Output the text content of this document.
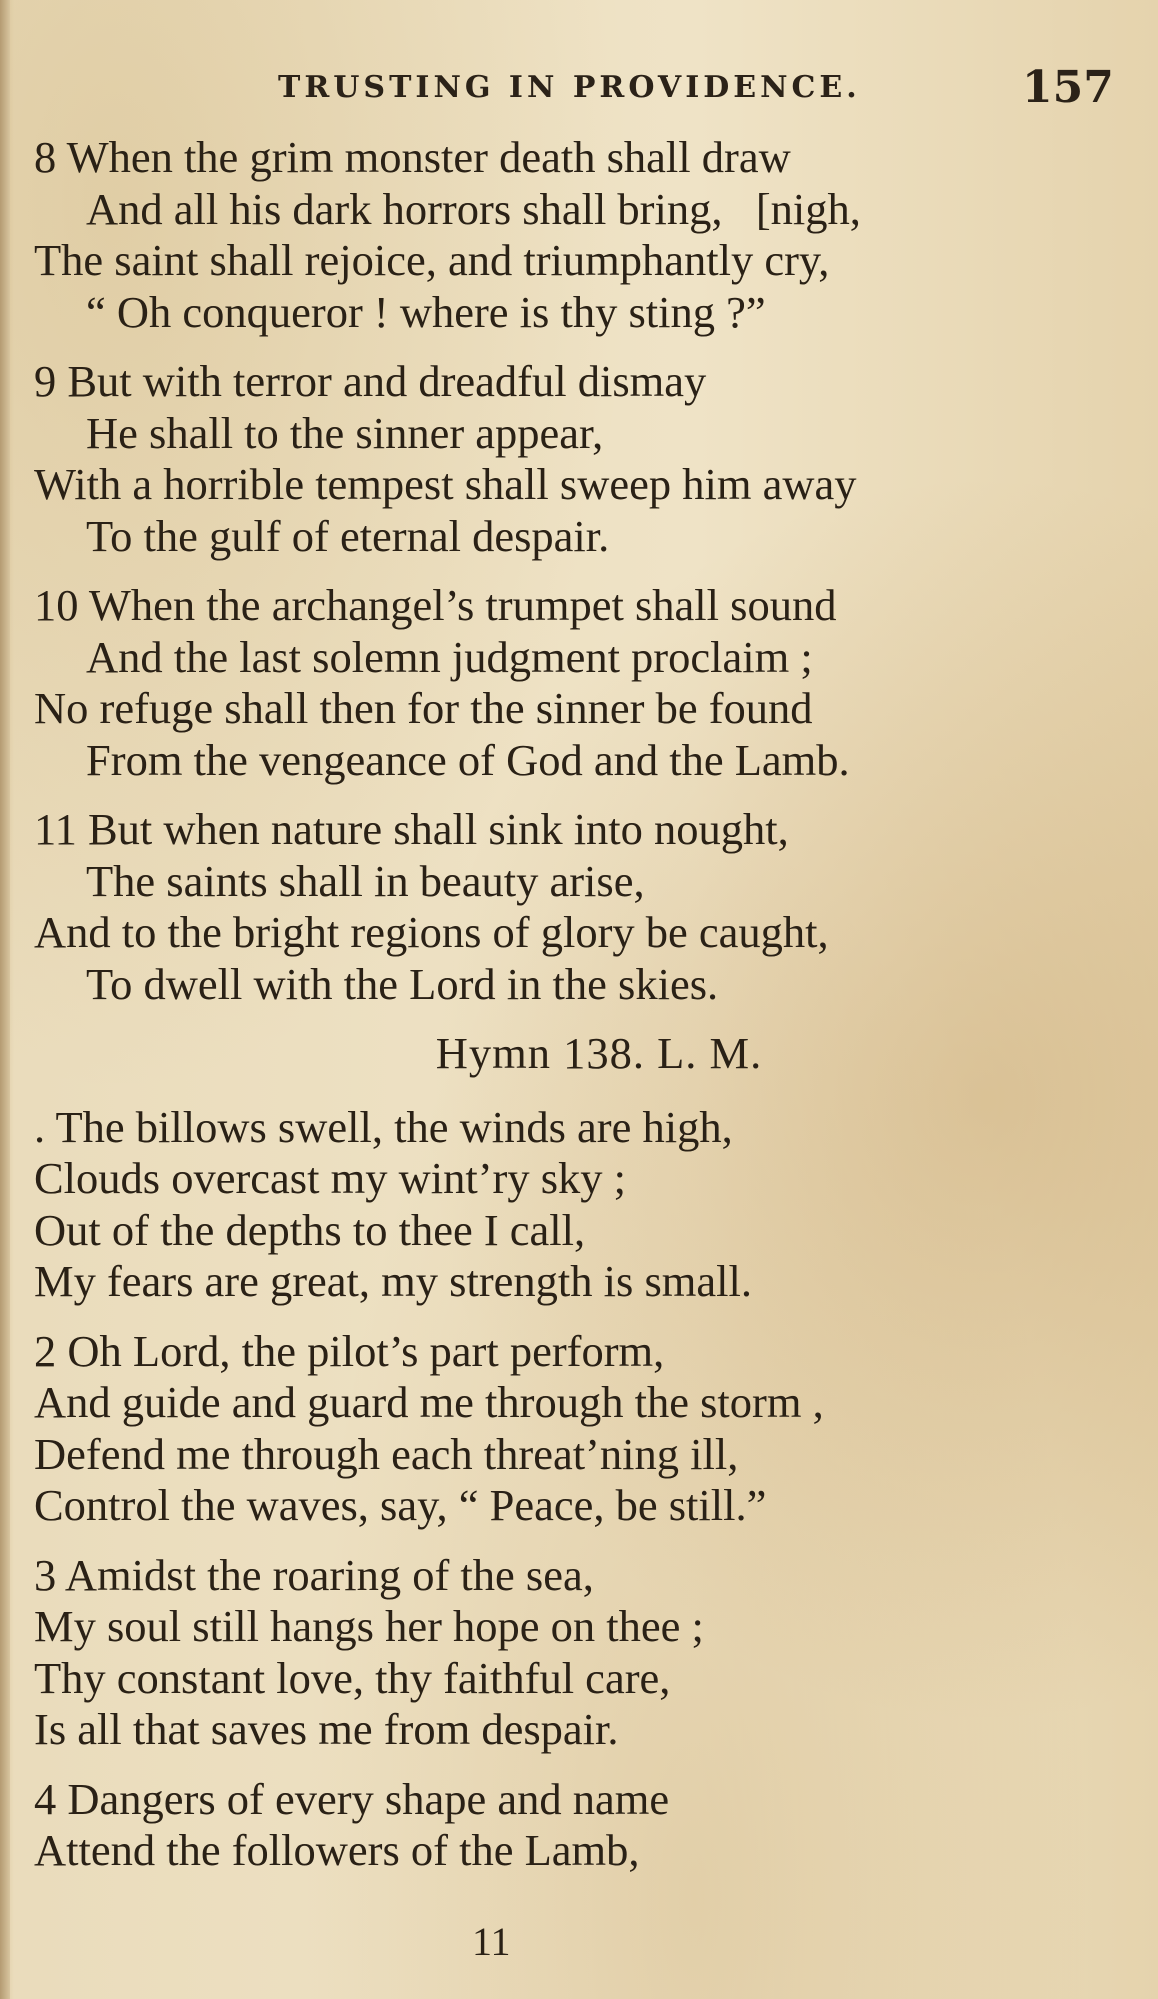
TRUSTING IN PROVIDENCE.	157
8 When the grim monster death shall draw
And all his dark horrors shall bring,   [nigh,
The saint shall rejoice, and triumphantly cry,
“ Oh conqueror ! where is thy sting ?”
9 But with terror and dreadful dismay
He shall to the sinner appear,
With a horrible tempest shall sweep him away
To the gulf of eternal despair.
10 When the archangel’s trumpet shall sound
And the last solemn judgment proclaim ;
No refuge shall then for the sinner be found
From the vengeance of God and the Lamb.
11 But when nature shall sink into nought,
The saints shall in beauty arise,
And to the bright regions of glory be caught,
To dwell with the Lord in the skies.
Hymn 138. L. M.
. The billows swell, the winds are high,
Clouds overcast my wint’ry sky ;
Out of the depths to thee I call,
My fears are great, my strength is small.
2 Oh Lord, the pilot’s part perform,
And guide and guard me through the storm ,
Defend me through each threat’ning ill,
Control the waves, say, “ Peace, be still.”
3 Amidst the roaring of the sea,
My soul still hangs her hope on thee ;
Thy constant love, thy faithful care,
Is all that saves me from despair.
4 Dangers of every shape and name
Attend the followers of the Lamb,
11
